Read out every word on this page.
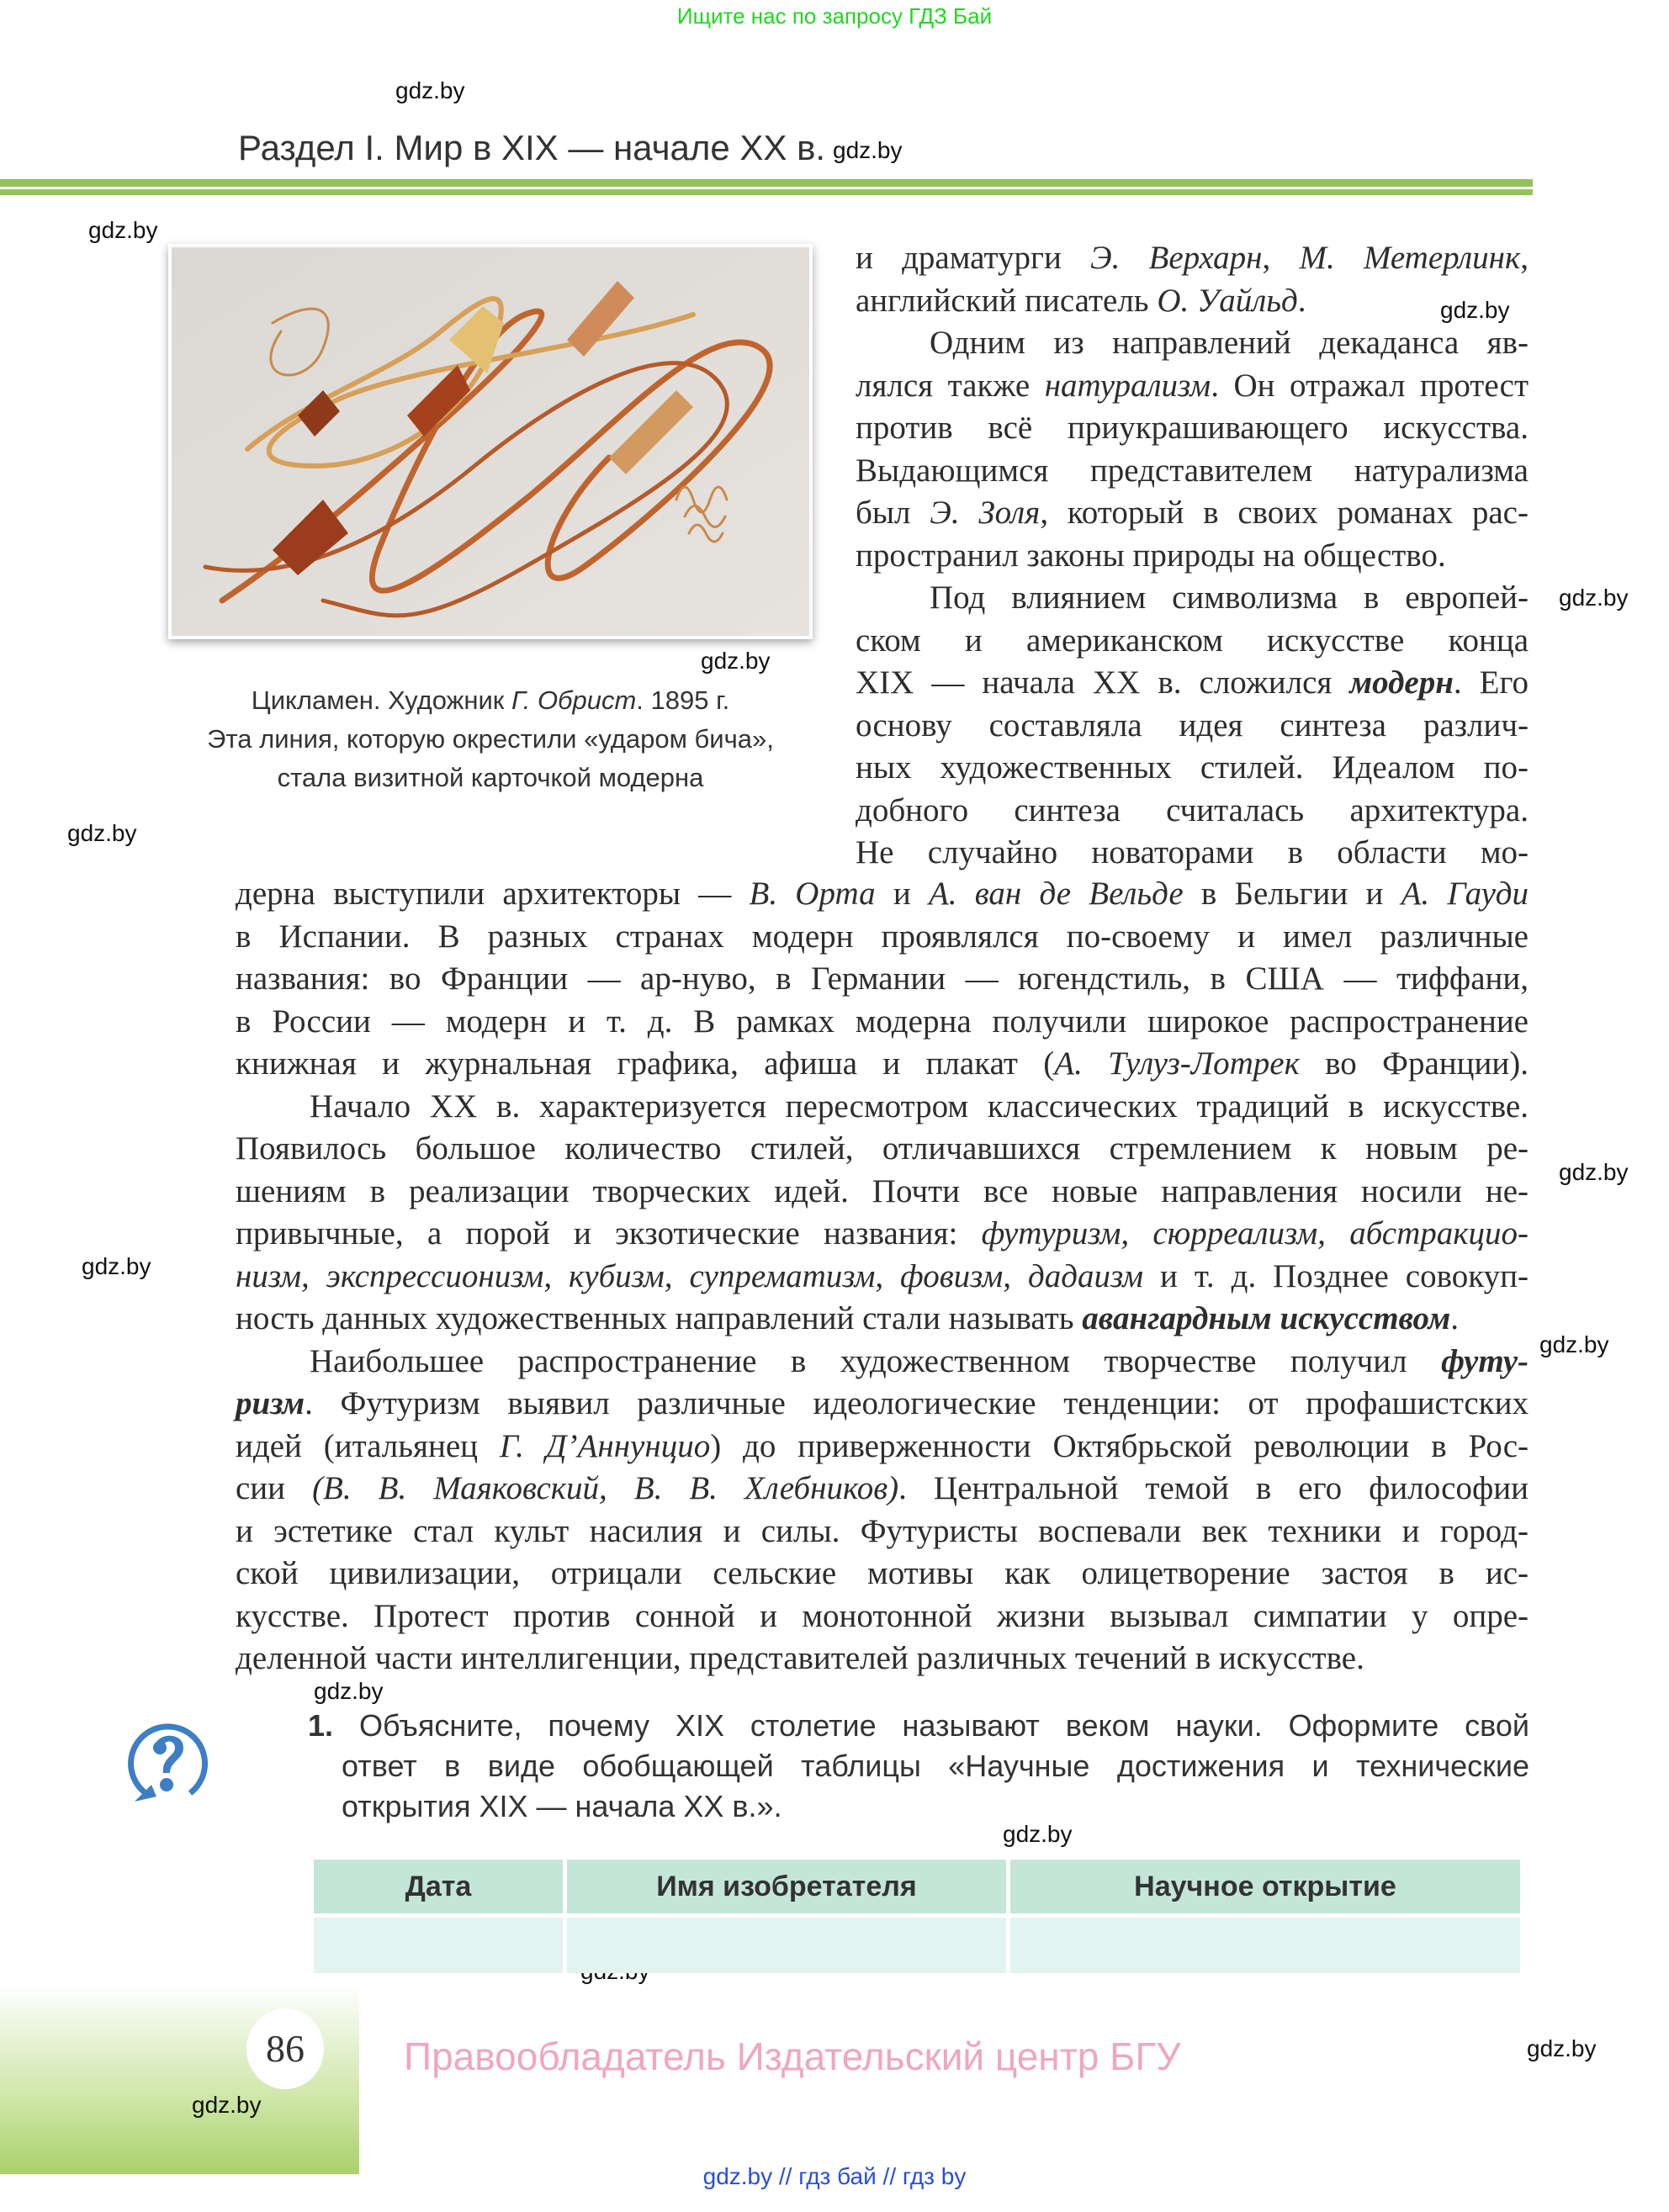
Ищите нас по запросу ГДЗ Бай
gdz.by
gdz.by
gdz.by
gdz.by
gdz.by
gdz.by
gdz.by
gdz.by
gdz.by
gdz.by
gdz.by
gdz.by
gdz.by
gdz.by
Раздел I. Мир в XIX — начале XX в.
Цикламен. Художник Г. Обрист. 1895 г.
Эта линия, которую окрестили «ударом бича»,
стала визитной карточкой модерна
и драматурги Э. Верхарн, М. Метерлинк,
английский писатель О. Уайльд.
Одним из направлений декаданса яв-
лялся также натурализм. Он отражал протест
против всё приукрашивающего искусства.
Выдающимся представителем натурализма
был Э. Золя, который в своих романах рас-
пространил законы природы на общество.
Под влиянием символизма в европей-
ском и американском искусстве конца
XIX — начала XX в. сложился модерн. Его
основу составляла идея синтеза различ-
ных художественных стилей. Идеалом по-
добного синтеза считалась архитектура.
Не случайно новаторами в области мо-
дерна выступили архитекторы — В. Орта и А. ван де Вельде в Бельгии и А. Гауди
в Испании. В разных странах модерн проявлялся по-своему и имел различные
названия: во Франции — ар-нуво, в Германии — югендстиль, в США — тиффани,
в России — модерн и т. д. В рамках модерна получили широкое распространение
книжная и журнальная графика, афиша и плакат (А. Тулуз-Лотрек во Франции).
Начало XX в. характеризуется пересмотром классических традиций в искусстве.
Появилось большое количество стилей, отличавшихся стремлением к новым ре-
шениям в реализации творческих идей. Почти все новые направления носили не-
привычные, а порой и экзотические названия: футуризм, сюрреализм, абстракцио-
низм, экспрессионизм, кубизм, супрематизм, фовизм, дадаизм и т. д. Позднее совокуп-
ность данных художественных направлений стали называть авангардным искусством.
Наибольшее распространение в художественном творчестве получил футу-
ризм. Футуризм выявил различные идеологические тенденции: от профашистских
идей (итальянец Г. Д’Аннунцио) до приверженности Октябрьской революции в Рос-
сии (В. В. Маяковский, В. В. Хлебников). Центральной темой в его философии
и эстетике стал культ насилия и силы. Футуристы воспевали век техники и город-
ской цивилизации, отрицали сельские мотивы как олицетворение застоя в ис-
кусстве. Протест против сонной и монотонной жизни вызывал симпатии у опре-
деленной части интеллигенции, представителей различных течений в искусстве.
1. Объясните, почему XIX столетие называют веком науки. Оформите свой
ответ в виде обобщающей таблицы «Научные достижения и технические
открытия XIX — начала XX в.».
Дата	Имя изобретателя	Научное открытие

86	Правообладатель Издательский центр БГУ
gdz.by // гдз бай // гдз by
